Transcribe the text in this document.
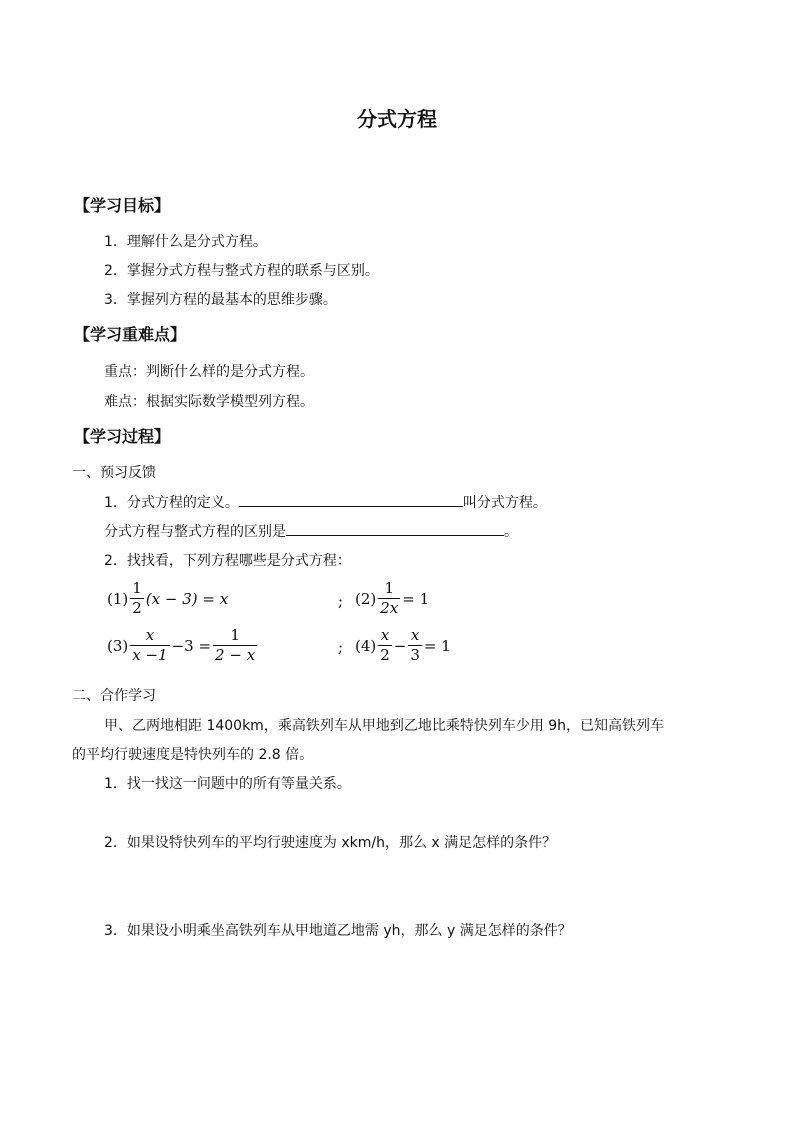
分式方程
【学习目标】
1．理解什么是分式方程。
2．掌握分式方程与整式方程的联系与区别。
3．掌握列方程的最基本的思维步骤。
【学习重难点】
重点：判断什么样的是分式方程。
难点：根据实际数学模型列方程。
【学习过程】
一、预习反馈
1．分式方程的定义。	叫分式方程。
分式方程与整式方程的区别是	。
2．找找看，下列方程哪些是分式方程：
$(1) \frac{1}{2} (x - 3) = x$	; $(2) \frac{1}{2x} = 1$
$(3) \frac{x}{x -1} -3 = \frac{1}{2 - x}$	; $(4) \frac{x}{2} - \frac{x}{3} = 1$
二、合作学习
甲、乙两地相距 1400km，乘高铁列车从甲地到乙地比乘特快列车少用 9h，已知高铁列车
的平均行驶速度是特快列车的 2.8 倍。
1．找一找这一问题中的所有等量关系。
2．如果设特快列车的平均行驶速度为 xkm/h，那么 x 满足怎样的条件？
3．如果设小明乘坐高铁列车从甲地道乙地需 yh，那么 y 满足怎样的条件？
